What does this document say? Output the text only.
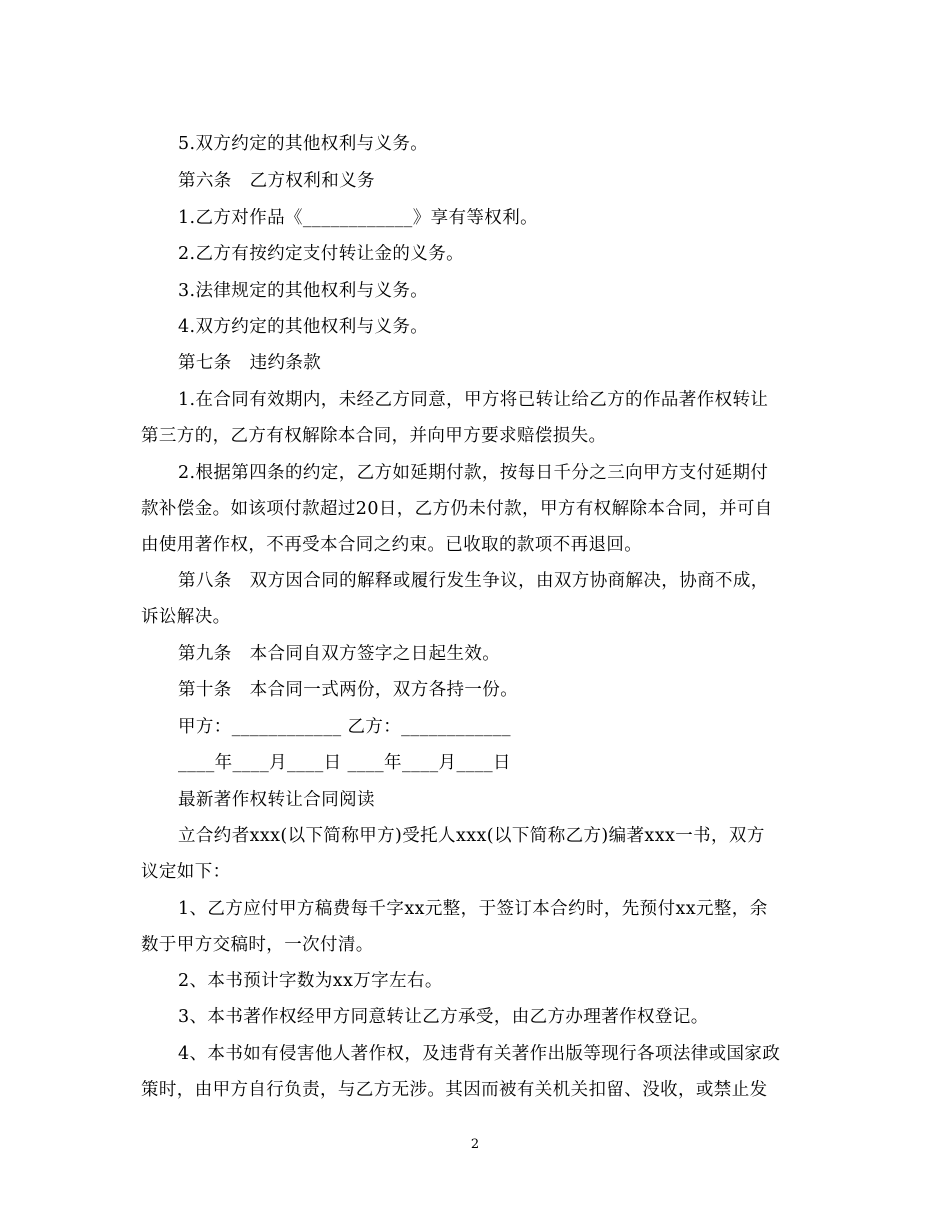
5.双方约定的其他权利与义务。
第六条　乙方权利和义务
1.乙方对作品《____________》享有等权利。
2.乙方有按约定支付转让金的义务。
3.法律规定的其他权利与义务。
4.双方约定的其他权利与义务。
第七条　违约条款
1.在合同有效期内，未经乙方同意，甲方将已转让给乙方的作品著作权转让
第三方的，乙方有权解除本合同，并向甲方要求赔偿损失。
2.根据第四条的约定，乙方如延期付款，按每日千分之三向甲方支付延期付
款补偿金。如该项付款超过20日，乙方仍未付款，甲方有权解除本合同，并可自
由使用著作权，不再受本合同之约束。已收取的款项不再退回。
第八条　双方因合同的解释或履行发生争议，由双方协商解决，协商不成，
诉讼解决。
第九条　本合同自双方签字之日起生效。
第十条　本合同一式两份，双方各持一份。
甲方：____________ 乙方：____________
____年____月____日 ____年____月____日
最新著作权转让合同阅读
立合约者xxx(以下简称甲方)受托人xxx(以下简称乙方)编著xxx一书，双方
议定如下：
1、乙方应付甲方稿费每千字xx元整，于签订本合约时，先预付xx元整，余
数于甲方交稿时，一次付清。
2、本书预计字数为xx万字左右。
3、本书著作权经甲方同意转让乙方承受，由乙方办理著作权登记。
4、本书如有侵害他人著作权，及违背有关著作出版等现行各项法律或国家政
策时，由甲方自行负责，与乙方无涉。其因而被有关机关扣留、没收，或禁止发
2
